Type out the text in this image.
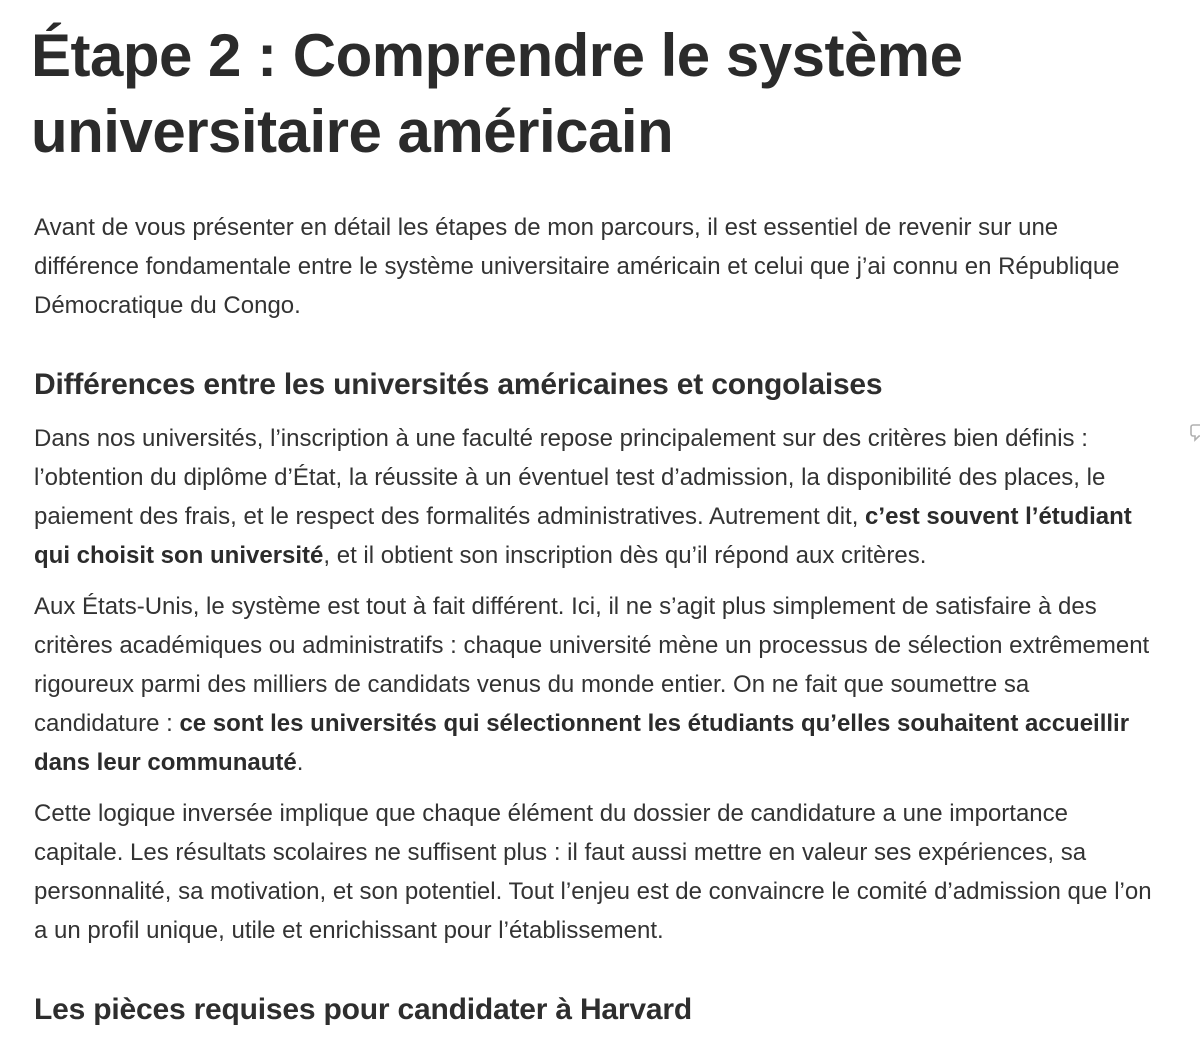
Étape 2 : Comprendre le système universitaire américain

Avant de vous présenter en détail les étapes de mon parcours, il est essentiel de revenir sur une différence fondamentale entre le système universitaire américain et celui que j’ai connu en République Démocratique du Congo.

Différences entre les universités américaines et congolaises

Dans nos universités, l’inscription à une faculté repose principalement sur des critères bien définis : l’obtention du diplôme d’État, la réussite à un éventuel test d’admission, la disponibilité des places, le paiement des frais, et le respect des formalités administratives. Autrement dit, c’est souvent l’étudiant qui choisit son université, et il obtient son inscription dès qu’il répond aux critères.

Aux États-Unis, le système est tout à fait différent. Ici, il ne s’agit plus simplement de satisfaire à des critères académiques ou administratifs : chaque université mène un processus de sélection extrêmement rigoureux parmi des milliers de candidats venus du monde entier. On ne fait que soumettre sa candidature : ce sont les universités qui sélectionnent les étudiants qu’elles souhaitent accueillir dans leur communauté.

Cette logique inversée implique que chaque élément du dossier de candidature a une importance capitale. Les résultats scolaires ne suffisent plus : il faut aussi mettre en valeur ses expériences, sa personnalité, sa motivation, et son potentiel. Tout l’enjeu est de convaincre le comité d’admission que l’on a un profil unique, utile et enrichissant pour l’établissement.

Les pièces requises pour candidater à Harvard
